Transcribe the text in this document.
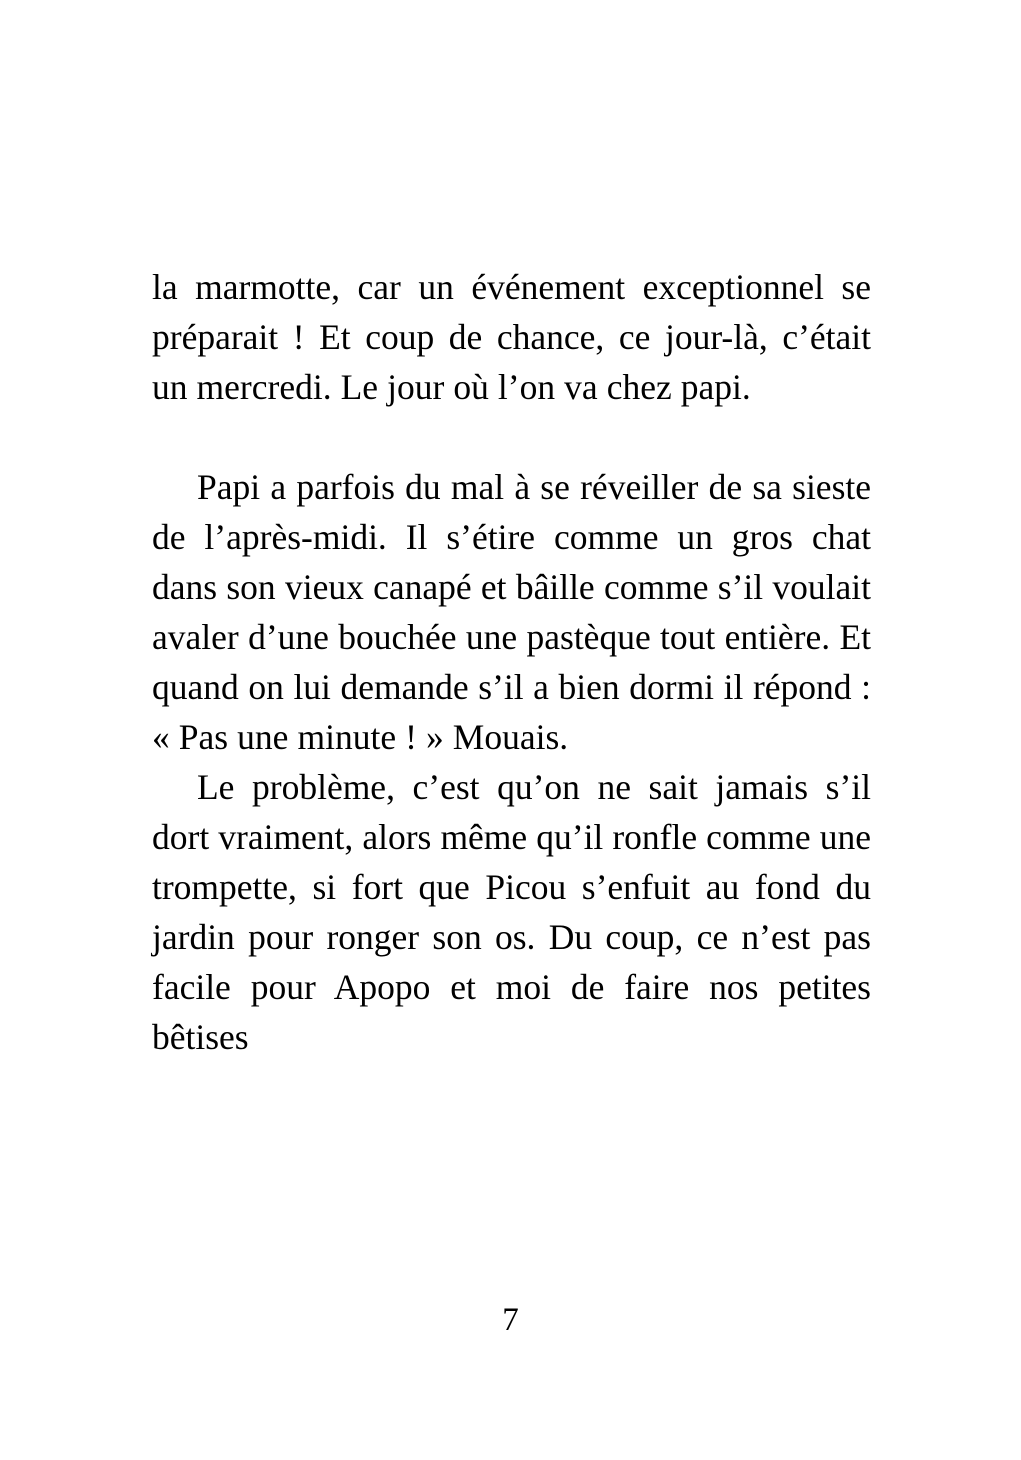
la marmotte, car un événement exceptionnel se préparait ! Et coup de chance, ce jour-là, c’était un mercredi. Le jour où l’on va chez papi.

Papi a parfois du mal à se réveiller de sa sieste de l’après-midi. Il s’étire comme un gros chat dans son vieux canapé et bâille comme s’il voulait avaler d’une bouchée une pastèque tout entière. Et quand on lui demande s’il a bien dormi il répond : « Pas une minute ! » Mouais.

Le problème, c’est qu’on ne sait jamais s’il dort vraiment, alors même qu’il ronfle comme une trompette, si fort que Picou s’enfuit au fond du jardin pour ronger son os. Du coup, ce n’est pas facile pour Apopo et moi de faire nos petites bêtises

7
